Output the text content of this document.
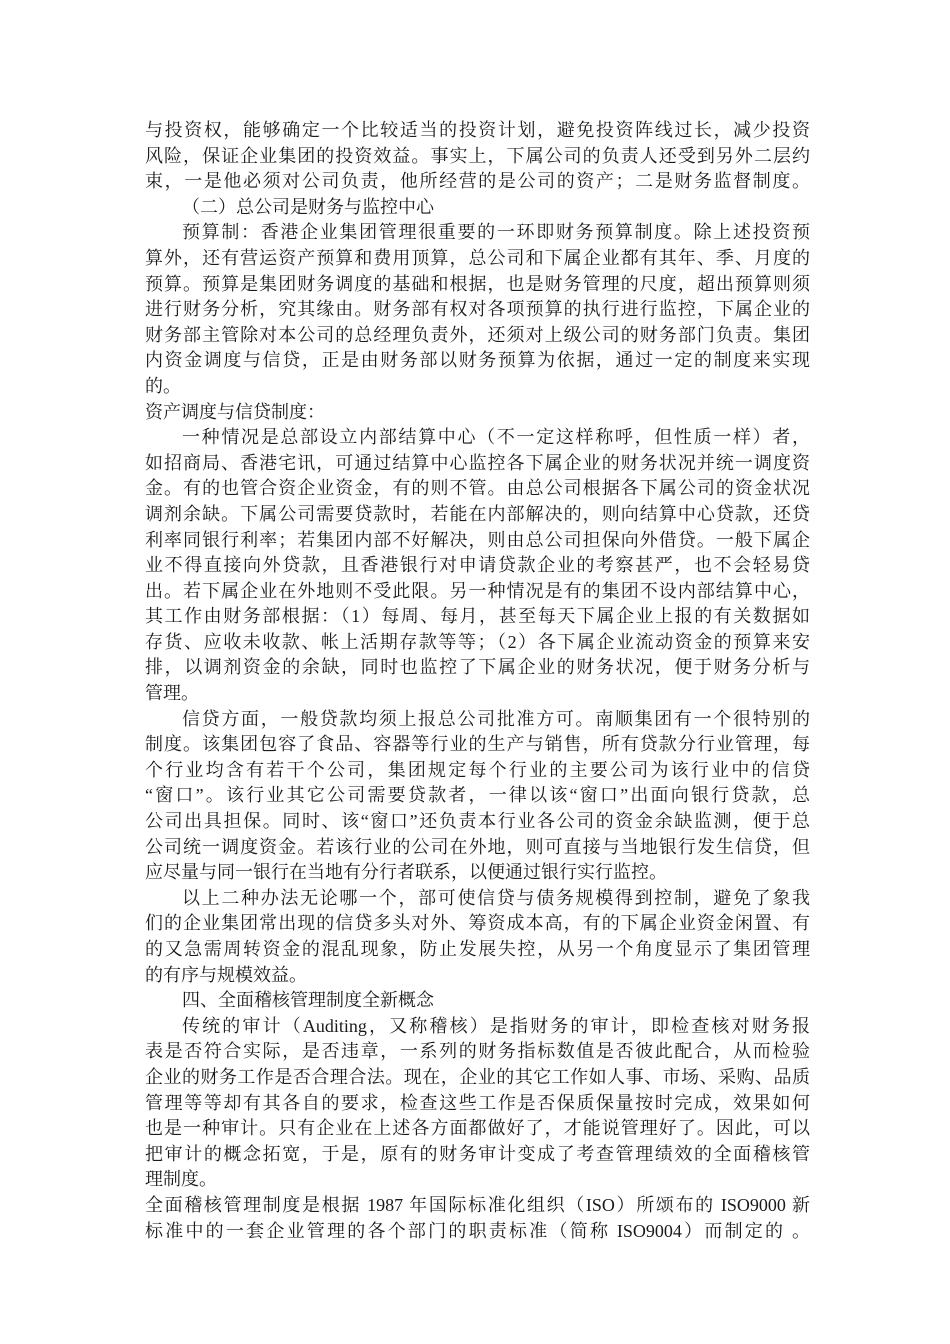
与投资权，能够确定一个比较适当的投资计划，避免投资阵线过长，减少投资
风险，保证企业集团的投资效益。事实上，下属公司的负责人还受到另外二层约
束，一是他必须对公司负责，他所经营的是公司的资产；二是财务监督制度。
（二）总公司是财务与监控中心
预算制：香港企业集团管理很重要的一环即财务预算制度。除上述投资预
算外，还有营运资产预算和费用顶算，总公司和下属企业都有其年、季、月度的
预算。预算是集团财务调度的基础和根据，也是财务管理的尺度，超出预算则须
进行财务分析，究其缘由。财务部有权对各项预算的执行进行监控，下属企业的
财务部主管除对本公司的总经理负责外，还须对上级公司的财务部门负责。集团
内资金调度与信贷，正是由财务部以财务预算为依据，通过一定的制度来实现
的。
资产调度与信贷制度：
一种情况是总部设立内部结算中心（不一定这样称呼，但性质一样）者，
如招商局、香港宅讯，可通过结算中心监控各下属企业的财务状况并统一调度资
金。有的也管合资企业资金，有的则不管。由总公司根据各下属公司的资金状况
调剂余缺。下属公司需要贷款时，若能在内部解决的，则向结算中心贷款，还贷
利率同银行利率；若集团内部不好解决，则由总公司担保向外借贷。一般下属企
业不得直接向外贷款，且香港银行对申请贷款企业的考察甚严，也不会轻易贷
出。若下属企业在外地则不受此限。另一种情况是有的集团不设内部结算中心，
其工作由财务部根据：（1）每周、每月，甚至每天下属企业上报的有关数据如
存货、应收未收款、帐上活期存款等等；（2）各下属企业流动资金的预算来安
排，以调剂资金的余缺，同时也监控了下属企业的财务状况，便于财务分析与
管理。
信贷方面，一般贷款均须上报总公司批准方可。南顺集团有一个很特别的
制度。该集团包容了食品、容器等行业的生产与销售，所有贷款分行业管理，每
个行业均含有若干个公司，集团规定每个行业的主要公司为该行业中的信贷
“窗口”。该行业其它公司需要贷款者，一律以该“窗口”出面向银行贷款，总
公司出具担保。同时、该“窗口”还负责本行业各公司的资金余缺监测，便于总
公司统一调度资金。若该行业的公司在外地，则可直接与当地银行发生信贷，但
应尽量与同一银行在当地有分行者联系，以便通过银行实行监控。
以上二种办法无论哪一个，部可使信贷与债务规模得到控制，避免了象我
们的企业集团常出现的信贷多头对外、筹资成本高，有的下属企业资金闲置、有
的又急需周转资金的混乱现象，防止发展失控，从另一个角度显示了集团管理
的有序与规模效益。
四、全面稽核管理制度全新概念
传统的审计（Auditing，又称稽核）是指财务的审计，即检查核对财务报
表是否符合实际，是否违章，一系列的财务指标数值是否彼此配合，从而检验
企业的财务工作是否合理合法。现在，企业的其它工作如人事、市场、采购、品质
管理等等却有其各自的要求，检查这些工作是否保质保量按时完成，效果如何
也是一种审计。只有企业在上述各方面都做好了，才能说管理好了。因此，可以
把审计的概念拓宽，于是，原有的财务审计变成了考查管理绩效的全面稽核管
理制度。
全面稽核管理制度是根据 1987 年国际标准化组织（ISO）所颂布的 ISO9000 新
标准中的一套企业管理的各个部门的职责标准（简称 ISO9004）而制定的 。
